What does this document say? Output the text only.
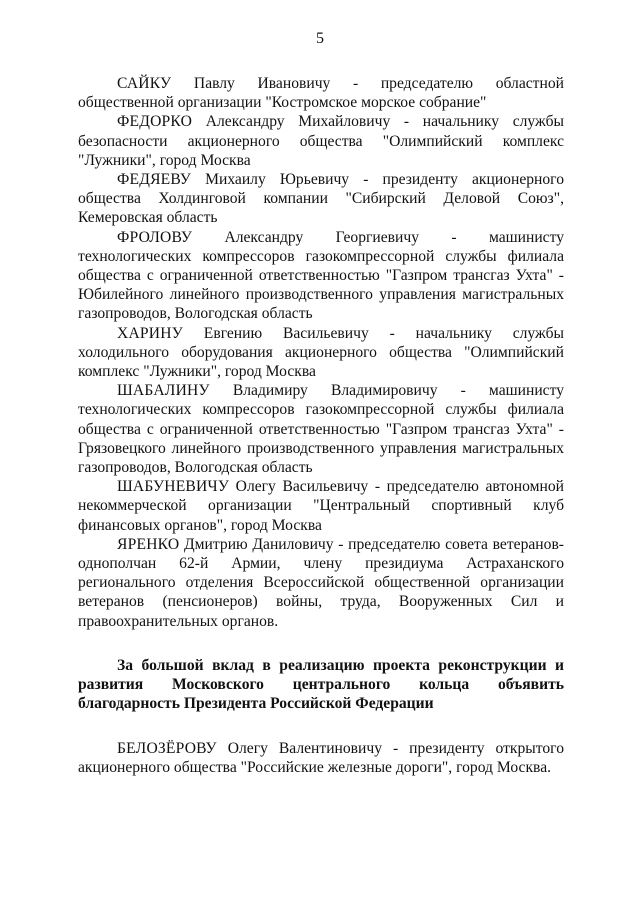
5

САЙКУ Павлу Ивановичу - председателю областной общественной организации "Костромское морское собрание"

ФЕДОРКО Александру Михайловичу - начальнику службы безопасности акционерного общества "Олимпийский комплекс "Лужники", город Москва

ФЕДЯЕВУ Михаилу Юрьевичу - президенту акционерного общества Холдинговой компании "Сибирский Деловой Союз", Кемеровская область

ФРОЛОВУ Александру Георгиевичу - машинисту технологических компрессоров газокомпрессорной службы филиала общества с ограниченной ответственностью "Газпром трансгаз Ухта" - Юбилейного линейного производственного управления магистральных газопроводов, Вологодская область

ХАРИНУ Евгению Васильевичу - начальнику службы холодильного оборудования акционерного общества "Олимпийский комплекс "Лужники", город Москва

ШАБАЛИНУ Владимиру Владимировичу - машинисту технологических компрессоров газокомпрессорной службы филиала общества с ограниченной ответственностью "Газпром трансгаз Ухта" - Грязовецкого линейного производственного управления магистральных газопроводов, Вологодская область

ШАБУНЕВИЧУ Олегу Васильевичу - председателю автономной некоммерческой организации "Центральный спортивный клуб финансовых органов", город Москва

ЯРЕНКО Дмитрию Даниловичу - председателю совета ветеранов-однополчан 62-й Армии, члену президиума Астраханского регионального отделения Всероссийской общественной организации ветеранов (пенсионеров) войны, труда, Вооруженных Сил и правоохранительных органов.

За большой вклад в реализацию проекта реконструкции и развития Московского центрального кольца объявить благодарность Президента Российской Федерации

БЕЛОЗЁРОВУ Олегу Валентиновичу - президенту открытого акционерного общества "Российские железные дороги", город Москва.
